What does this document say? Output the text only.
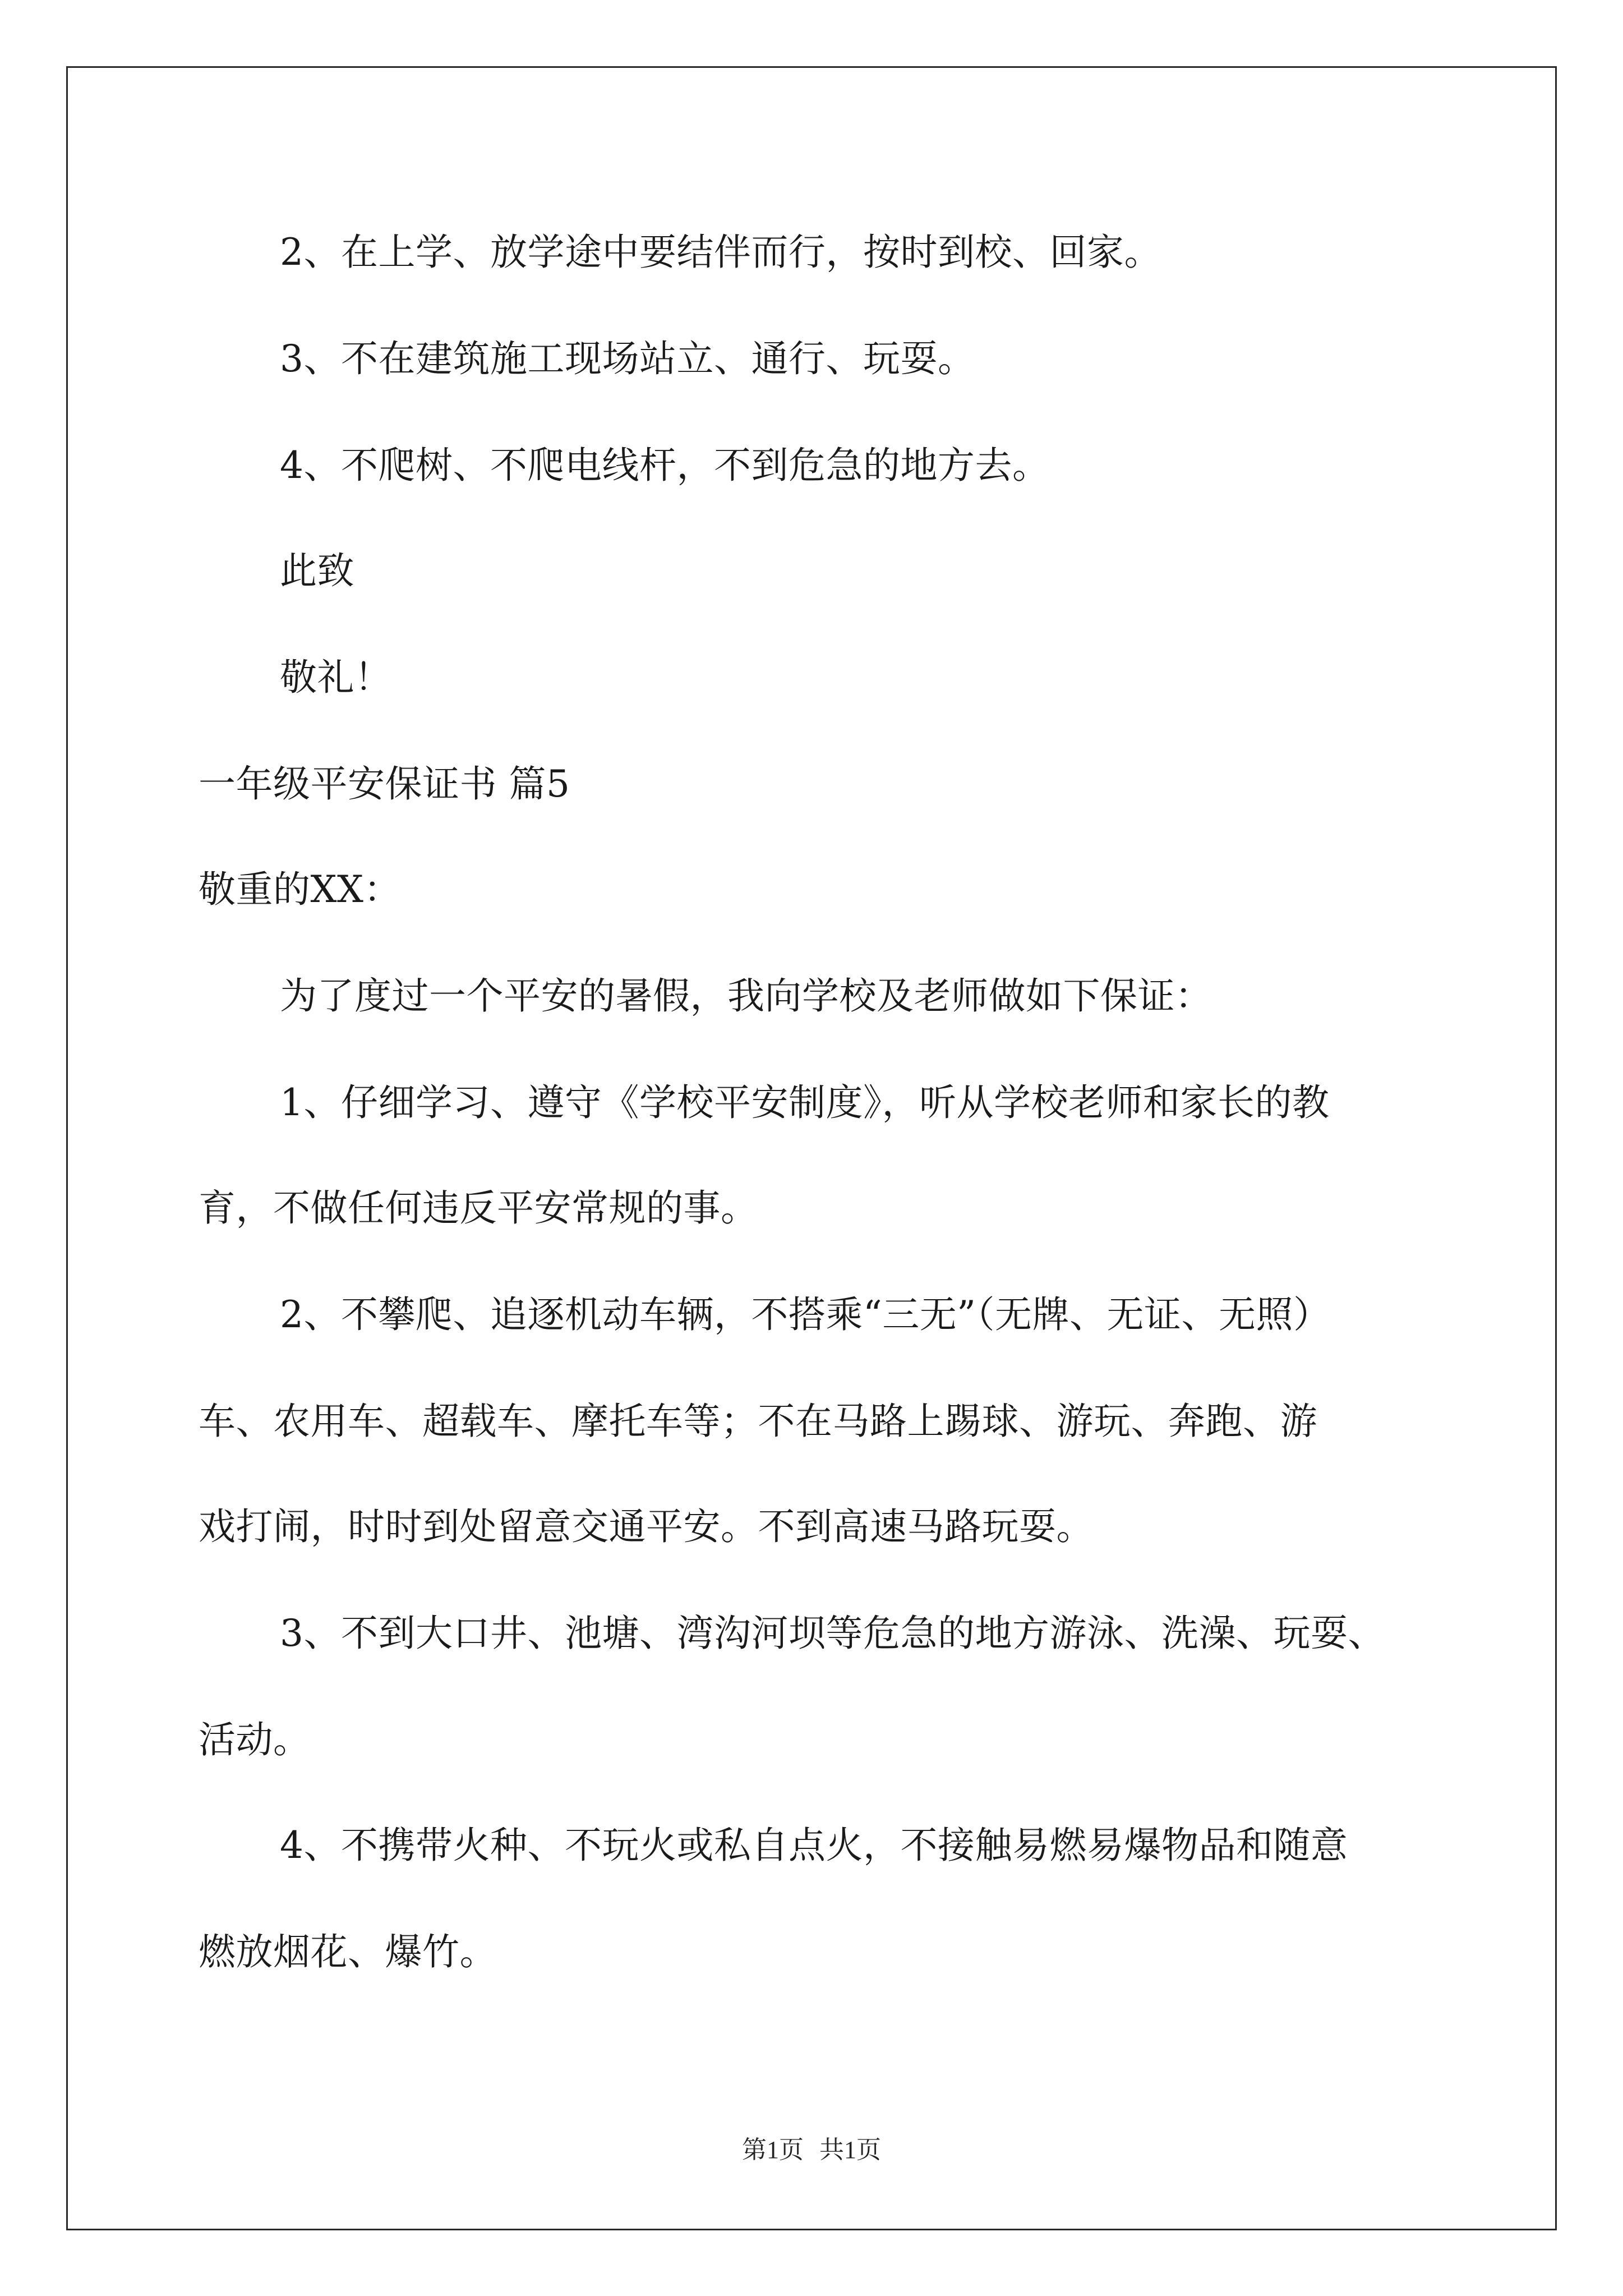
2、在上学、放学途中要结伴而行，按时到校、回家。
3、不在建筑施工现场站立、通行、玩耍。
4、不爬树、不爬电线杆，不到危急的地方去。
此致
敬礼！
一年级平安保证书 篇5
敬重的XX：
为了度过一个平安的暑假，我向学校及老师做如下保证：
1、仔细学习、遵守《学校平安制度》，听从学校老师和家长的教
育，不做任何违反平安常规的事。
2、不攀爬、追逐机动车辆，不搭乘“三无”（无牌、无证、无照）
车、农用车、超载车、摩托车等；不在马路上踢球、游玩、奔跑、游
戏打闹，时时到处留意交通平安。不到高速马路玩耍。
3、不到大口井、池塘、湾沟河坝等危急的地方游泳、洗澡、玩耍、
活动。
4、不携带火种、不玩火或私自点火，不接触易燃易爆物品和随意
燃放烟花、爆竹。
第1页 共1页
